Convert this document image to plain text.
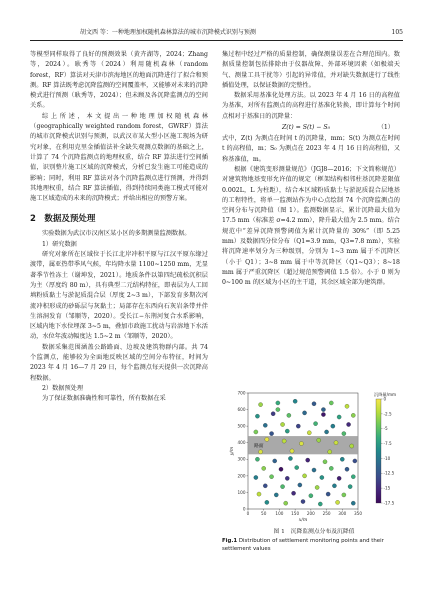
胡文西 等：一种地理加权随机森林算法的城市沉降模式识别与预测	105

等模型同样取得了良好的预测效果（黄卉湖等，2024；Zhang 等，2024）。耿秀等（2024）利用随机森林（random forest，RF）算法对天津市滨海地区的地面沉降进行了拟合和预测。RF 算法既考虑沉降监测的空间覆盖率，又能够对未来的沉降模式进行预测（耿秀等，2024）；但未顾及各沉降监测点的空间关系。

综上所述，本文提出一种地理加权随机森林（geographically weighted random forest，GWRF）算法的城市沉降模式识别与预测，以武汉市某大型小区施工现场为研究对象，在利用克里金插值法补全缺失观测点数据的基础之上，计算了 74 个沉降监测点的地理权重，结合 RF 算法进行空间插值，识别整片施工区域的沉降模式，分析已发生施工可能造成的影响；同时，利用 RF 算法对各个沉降监测点进行预测，并得到其地理权重，结合 RF 算法插值，得到持续同类施工模式可能对施工区域造成的未来的沉降模式；并给出相应的预警方案。

2　数据及预处理

实验数据为武汉市汉南区某小区的多期测量监测数据。

1）研究数据

研究对象所在区域位于长江北岸冲积平原与江汉平原东缘过渡带，属亚热带季风气候，年均降水量 1100~1250 mm，无显著季节性冻土（谢坤发，2021）。地质条件以第四纪疏松沉积层为主（厚度约 80 m），具有典型二元结构特征，即表层为人工回填粉质黏土与淤泥质混合层（厚度 2~3 m），下部发育多期次河流冲积形成的砂砾层与灰黏土；局部存在东西向石灰岩条带并伴生溶洞发育（邹顺等，2020）。受长江−东荆河复合水系影响，区域内地下水位埋深 3~5 m，叠加市政施工扰动与岩溶地下水活动，水位年波动幅度达 1.5~2 m（邹顺等，2020）。

数据采集范围涵盖公路路面、边坡及建筑物群内部。共 74 个监测点，能够较为全面地反映区域的空间分布特征，时间为 2023 年 4 月 16—7 月 29 日，每个监测点每天提供一次沉降高程数据。

2）数据预处理

为了保证数据准确性和可靠性，所有数据在采

集过程中经过严格的质量控制，确保测量误差在合理范围内。数据质量控制包括排除由于仪器故障、外部环境因素（如极端天气、测量工具干扰等）引起的异常值，并对缺失数据进行了线性插值处理，以保证数据的完整性。

数据采用基准化处理方法。以 2023 年 4 月 16 日的高程值为基准，对所有监测点的高程进行基准化转换，即计算每个时间点相对于基准日的沉降量：

Z(t) = S(t) − S₀	（1）

式中，Z(t) 为测点在时间 t 的沉降量，mm；S(t) 为测点在时间 t 的高程值，m；S₀ 为测点在 2023 年 4 月 16 日的高程值，又称基准值，m。

根据《建筑变形测量规范》（JGJ8—2016；下文简称规范）对建筑物地基变形允许值的规定（框架结构相邻柱基沉降差限值 0.002L，L 为柱距），结合本区域粉质黏土与淤泥质混合层地基的工程特性，将单一监测站作为中心点绘制 74 个沉降监测点的空间分布与沉降值（图 1）。监测数据显示，累计沉降最大值为 17.5 mm（标准差 σ=4.2 mm），降升最大值为 2.5 mm。结合规范中“差异沉降预警阈值为累计沉降量的 30%”（即 5.25 mm）及数据四分位分布（Q1=3.9 mm，Q3=7.8 mm），实验将沉降速率划分为三种级别，分别为 1~3 mm 属于不沉降区（小于 Q1）；3~8 mm 属于中等沉降区（Q1~Q3）；8~18 mm 属于严重沉降区（超过规范预警阈值 1.5 倍）。小于 0 则为 0~100 m 的区域为小区的主干道，其余区域全部为建筑群。

路面
0	50 100 150 200 250 300 350
0
100
200
300
400
500
600
700
x/m
y/m
沉降量/mm
0
-2.5
-5
-7.5
-10
-12.5
-15
-17.5
图 1　沉降监测点分布及沉降值
Fig.1 Distribution of settlement monitoring points and their settlement values
